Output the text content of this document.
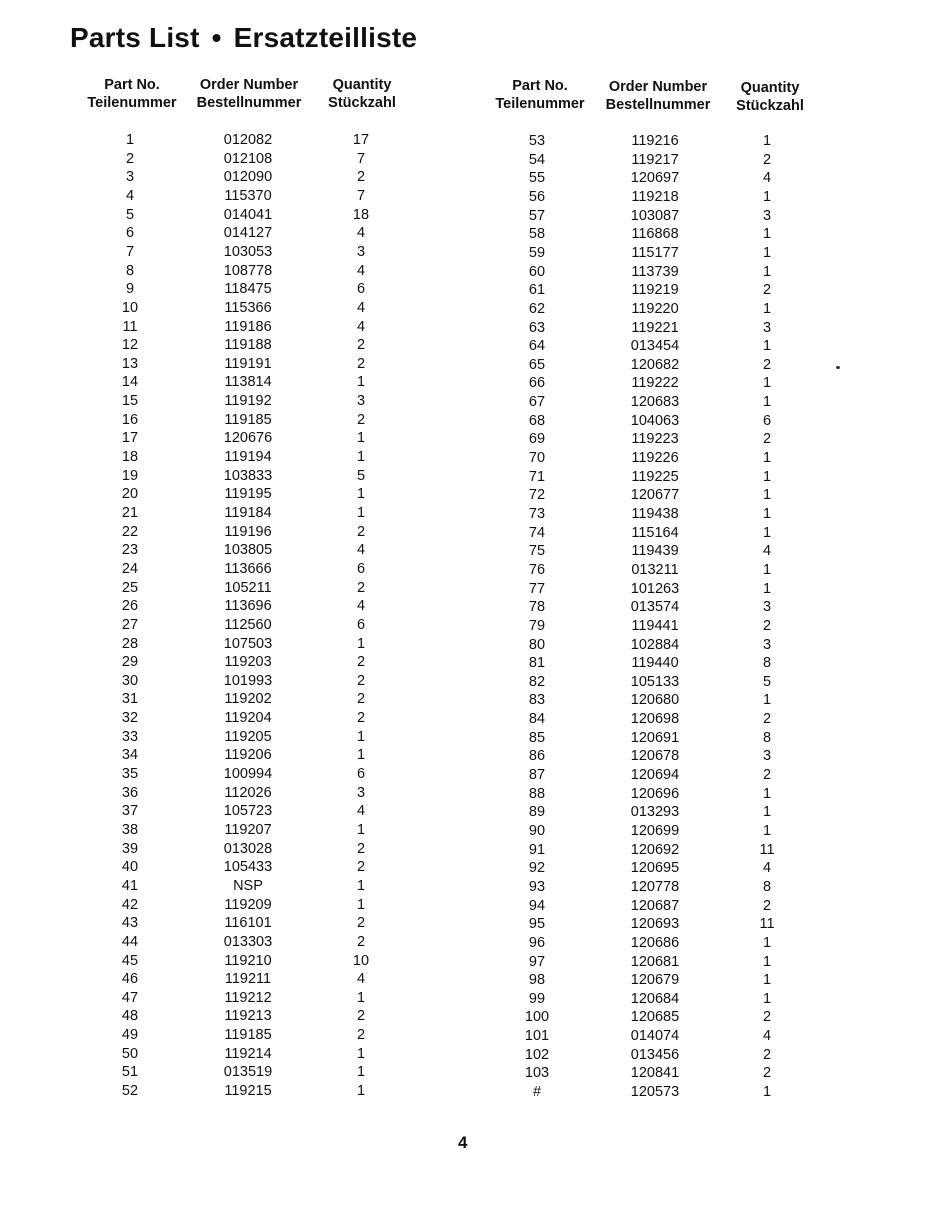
Parts List • Ersatzteilliste
Part No.
Teilenummer
Order Number
Bestellnummer
Quantity
Stückzahl
Part No.
Teilenummer
Order Number
Bestellnummer
Quantity
Stückzahl
1	012082	17
2	012108	7
3	012090	2
4	115370	7
5	014041	18
6	014127	4
7	103053	3
8	108778	4
9	118475	6
10	115366	4
11	119186	4
12	119188	2
13	119191	2
14	113814	1
15	119192	3
16	119185	2
17	120676	1
18	119194	1
19	103833	5
20	119195	1
21	119184	1
22	119196	2
23	103805	4
24	113666	6
25	105211	2
26	113696	4
27	112560	6
28	107503	1
29	119203	2
30	101993	2
31	119202	2
32	119204	2
33	119205	1
34	119206	1
35	100994	6
36	112026	3
37	105723	4
38	119207	1
39	013028	2
40	105433	2
41	NSP	1
42	119209	1
43	116101	2
44	013303	2
45	119210	10
46	119211	4
47	119212	1
48	119213	2
49	119185	2
50	119214	1
51	013519	1
52	119215	1
53	119216	1
54	119217	2
55	120697	4
56	119218	1
57	103087	3
58	116868	1
59	115177	1
60	113739	1
61	119219	2
62	119220	1
63	119221	3
64	013454	1
65	120682	2
66	119222	1
67	120683	1
68	104063	6
69	119223	2
70	119226	1
71	119225	1
72	120677	1
73	119438	1
74	115164	1
75	119439	4
76	013211	1
77	101263	1
78	013574	3
79	119441	2
80	102884	3
81	119440	8
82	105133	5
83	120680	1
84	120698	2
85	120691	8
86	120678	3
87	120694	2
88	120696	1
89	013293	1
90	120699	1
91	120692	11
92	120695	4
93	120778	8
94	120687	2
95	120693	11
96	120686	1
97	120681	1
98	120679	1
99	120684	1
100	120685	2
101	014074	4
102	013456	2
103	120841	2
#	120573	1
4
